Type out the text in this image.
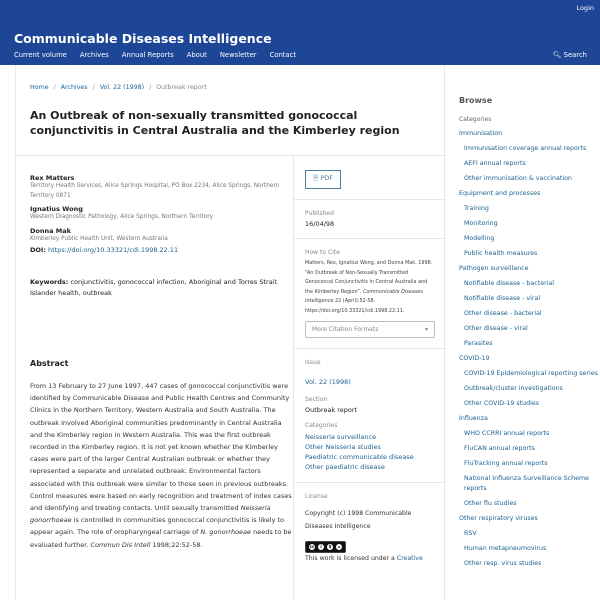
Login
Communicable Diseases Intelligence
Current volume Archives Annual Reports About Newsletter Contact	🔍︎ Search
Home / Archives / Vol. 22 (1998) / Outbreak report
An Outbreak of non-sexually transmitted gonococcal conjunctivitis in Central Australia and the Kimberley region
Rex Matters
Territory Health Services, Alice Springs Hospital, PO Box 2234, Alice Springs, Northern Territory 0871
Ignatius Wong
Western Diagnostic Pathology, Alice Springs, Northern Territory
Donna Mak
Kimberley Public Health Unit, Western Australia
DOI: https://doi.org/10.33321/cdi.1998.22.11
Keywords: conjunctivitis, gonococcal infection, Aboriginal and Torres Strait Islander health, outbreak
Abstract

From 13 February to 27 June 1997, 447 cases of gonococcal conjunctivitis were identified by Communicable Disease and Public Health Centres and Community Clinics in the Northern Territory, Western Australia and South Australia. The outbreak involved Aboriginal communities predominantly in Central Australia and the Kimberley region in Western Australia. This was the first outbreak recorded in the Kimberley region. It is not yet known whether the Kimberley cases were part of the larger Central Australian outbreak or whether they represented a separate and unrelated outbreak. Environmental factors associated with this outbreak were similar to those seen in previous outbreaks. Control measures were based on early recognition and treatment of index cases and identifying and treating contacts. Until sexually transmitted Neisseria gonorrhoeae is controlled in communities gonococcal conjunctivitis is likely to appear again. The role of oropharyngeal carriage of N. gonorrhoeae needs to be evaluated further. Commun Dis Intell 1998;22:52-58.

🗎︎ PDF
Published
16/04/98
How to Cite
Matters, Rex, Ignatius Wong, and Donna Mak. 1998. “An Outbreak of Non-Sexually Transmitted Gonococcal Conjunctivitis in Central Australia and the Kimberley Region”. Communicable Diseases Intelligence 22 (April):52-58. https://doi.org/10.33321/cdi.1998.22.11.
More Citation Formats	▾
Issue
Vol. 22 (1998)
Section
Outbreak report
Categories
Neisseria surveillance
Other Neisseria studies
Paediatric communicable disease
Other paediatric disease
License
Copyright (c) 1998 Communicable Diseases Intelligence
cc	i	$	=
This work is licensed under a Creative
Browse
Categories
Immunisation
Immunisation coverage annual reports
AEFI annual reports
Other immunisation & vaccination
Equipment and processes
Training
Monitoring
Modelling
Public health measures
Pathogen surveillance
Notifiable disease - bacterial
Notifiable disease - viral
Other disease - bacterial
Other disease - viral
Parasites
COVID-19
COVID-19 Epidemiological reporting series
Outbreak/cluster investigations
Other COVID-19 studies
Influenza
WHO CCRRI annual reports
FluCAN annual reports
FluTracking annual reports
National Influenza Surveillance Scheme reports
Other flu studies
Other respiratory viruses
RSV
Human metapneumovirus
Other resp. virus studies
